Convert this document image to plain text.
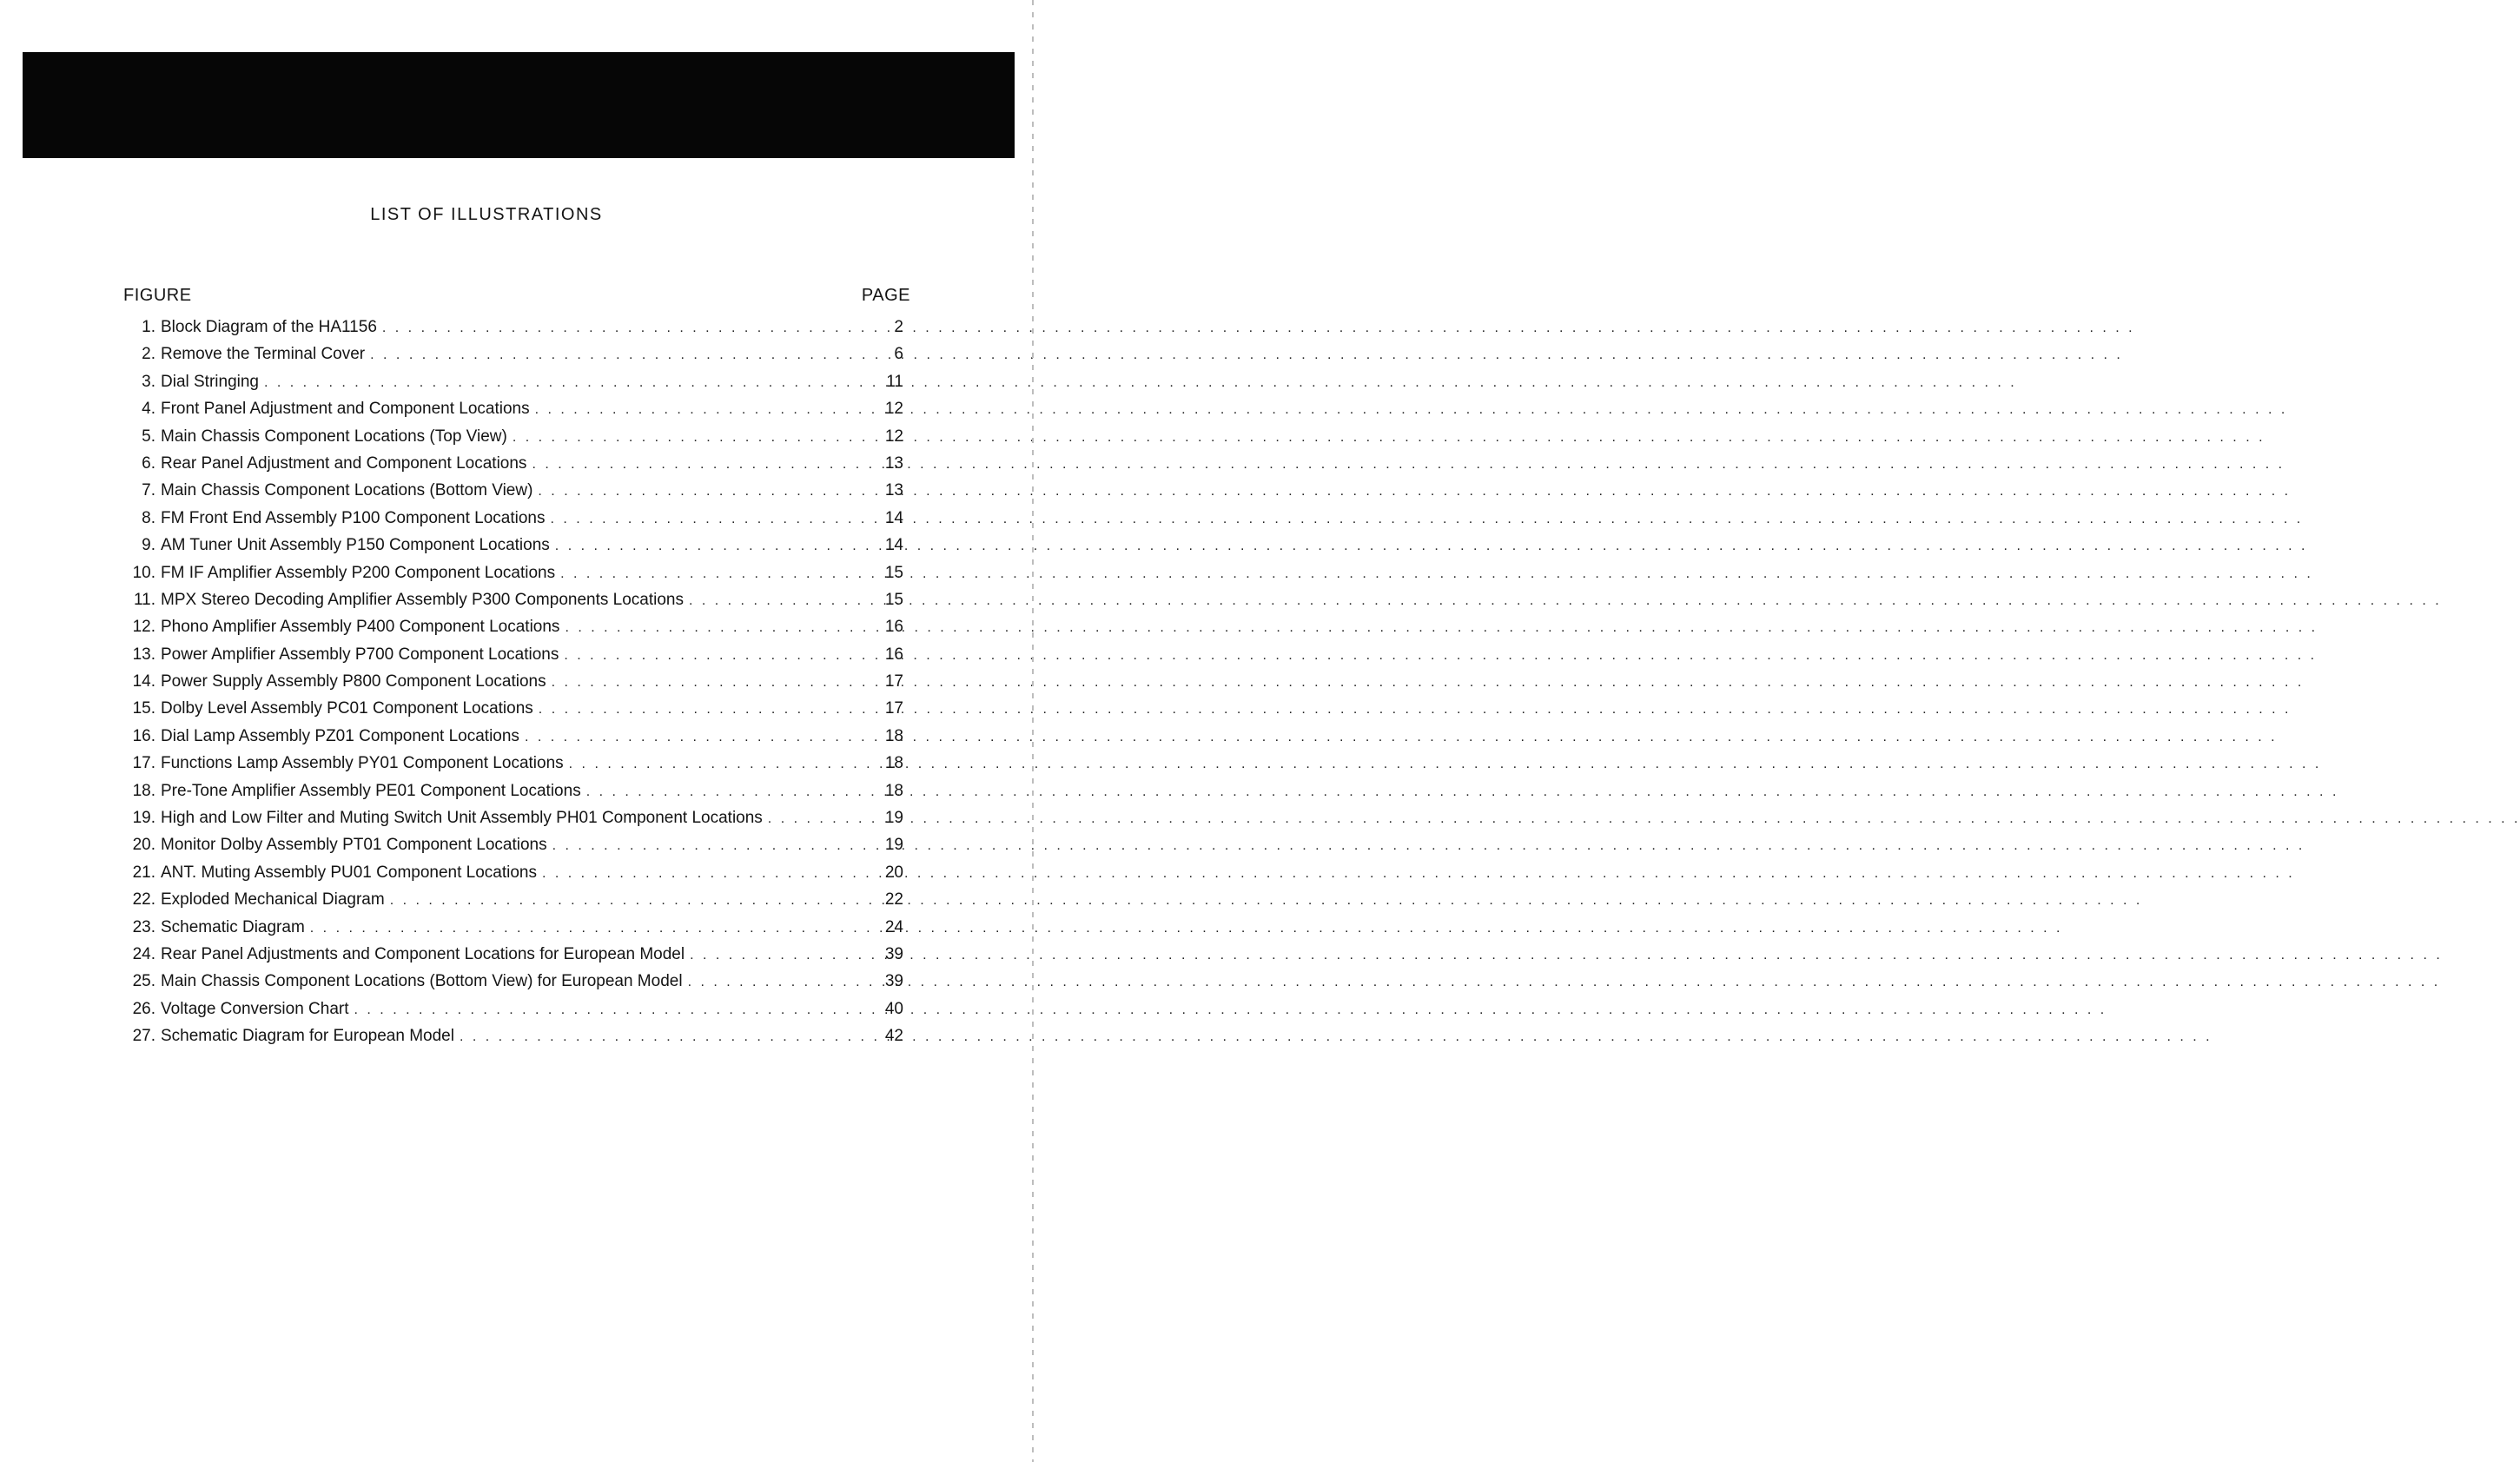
LIST OF ILLUSTRATIONS
FIGURE	PAGE
1. Block Diagram of the HA1156 . . .	2
2. Remove the Terminal Cover . . .	6
3. Dial Stringing . . .	11
4. Front Panel Adjustment and Component Locations . . .	12
5. Main Chassis Component Locations (Top View) . . .	12
6. Rear Panel Adjustment and Component Locations . . .	13
7. Main Chassis Component Locations (Bottom View) . . .	13
8. FM Front End Assembly P100 Component Locations . . .	14
9. AM Tuner Unit Assembly P150 Component Locations . . .	14
10. FM IF Amplifier Assembly P200 Component Locations . . .	15
11. MPX Stereo Decoding Amplifier Assembly P300 Components Locations . . .	15
12. Phono Amplifier Assembly P400 Component Locations . . .	16
13. Power Amplifier Assembly P700 Component Locations . . .	16
14. Power Supply Assembly P800 Component Locations . . .	17
15. Dolby Level Assembly PC01 Component Locations . . .	17
16. Dial Lamp Assembly PZ01 Component Locations . . .	18
17. Functions Lamp Assembly PY01 Component Locations . . .	18
18. Pre-Tone Amplifier Assembly PE01 Component Locations . . .	18
19. High and Low Filter and Muting Switch Unit Assembly PH01 Component Locations . . .	19
20. Monitor Dolby Assembly PT01 Component Locations . . .	19
21. ANT. Muting Assembly PU01 Component Locations . . .	20
22. Exploded Mechanical Diagram . . .	22
23. Schematic Diagram . . .	24
24. Rear Panel Adjustments and Component Locations for European Model . . .	39
25. Main Chassis Component Locations (Bottom View) for European Model . . .	39
26. Voltage Conversion Chart . . .	40
27. Schematic Diagram for European Model . . .	42
